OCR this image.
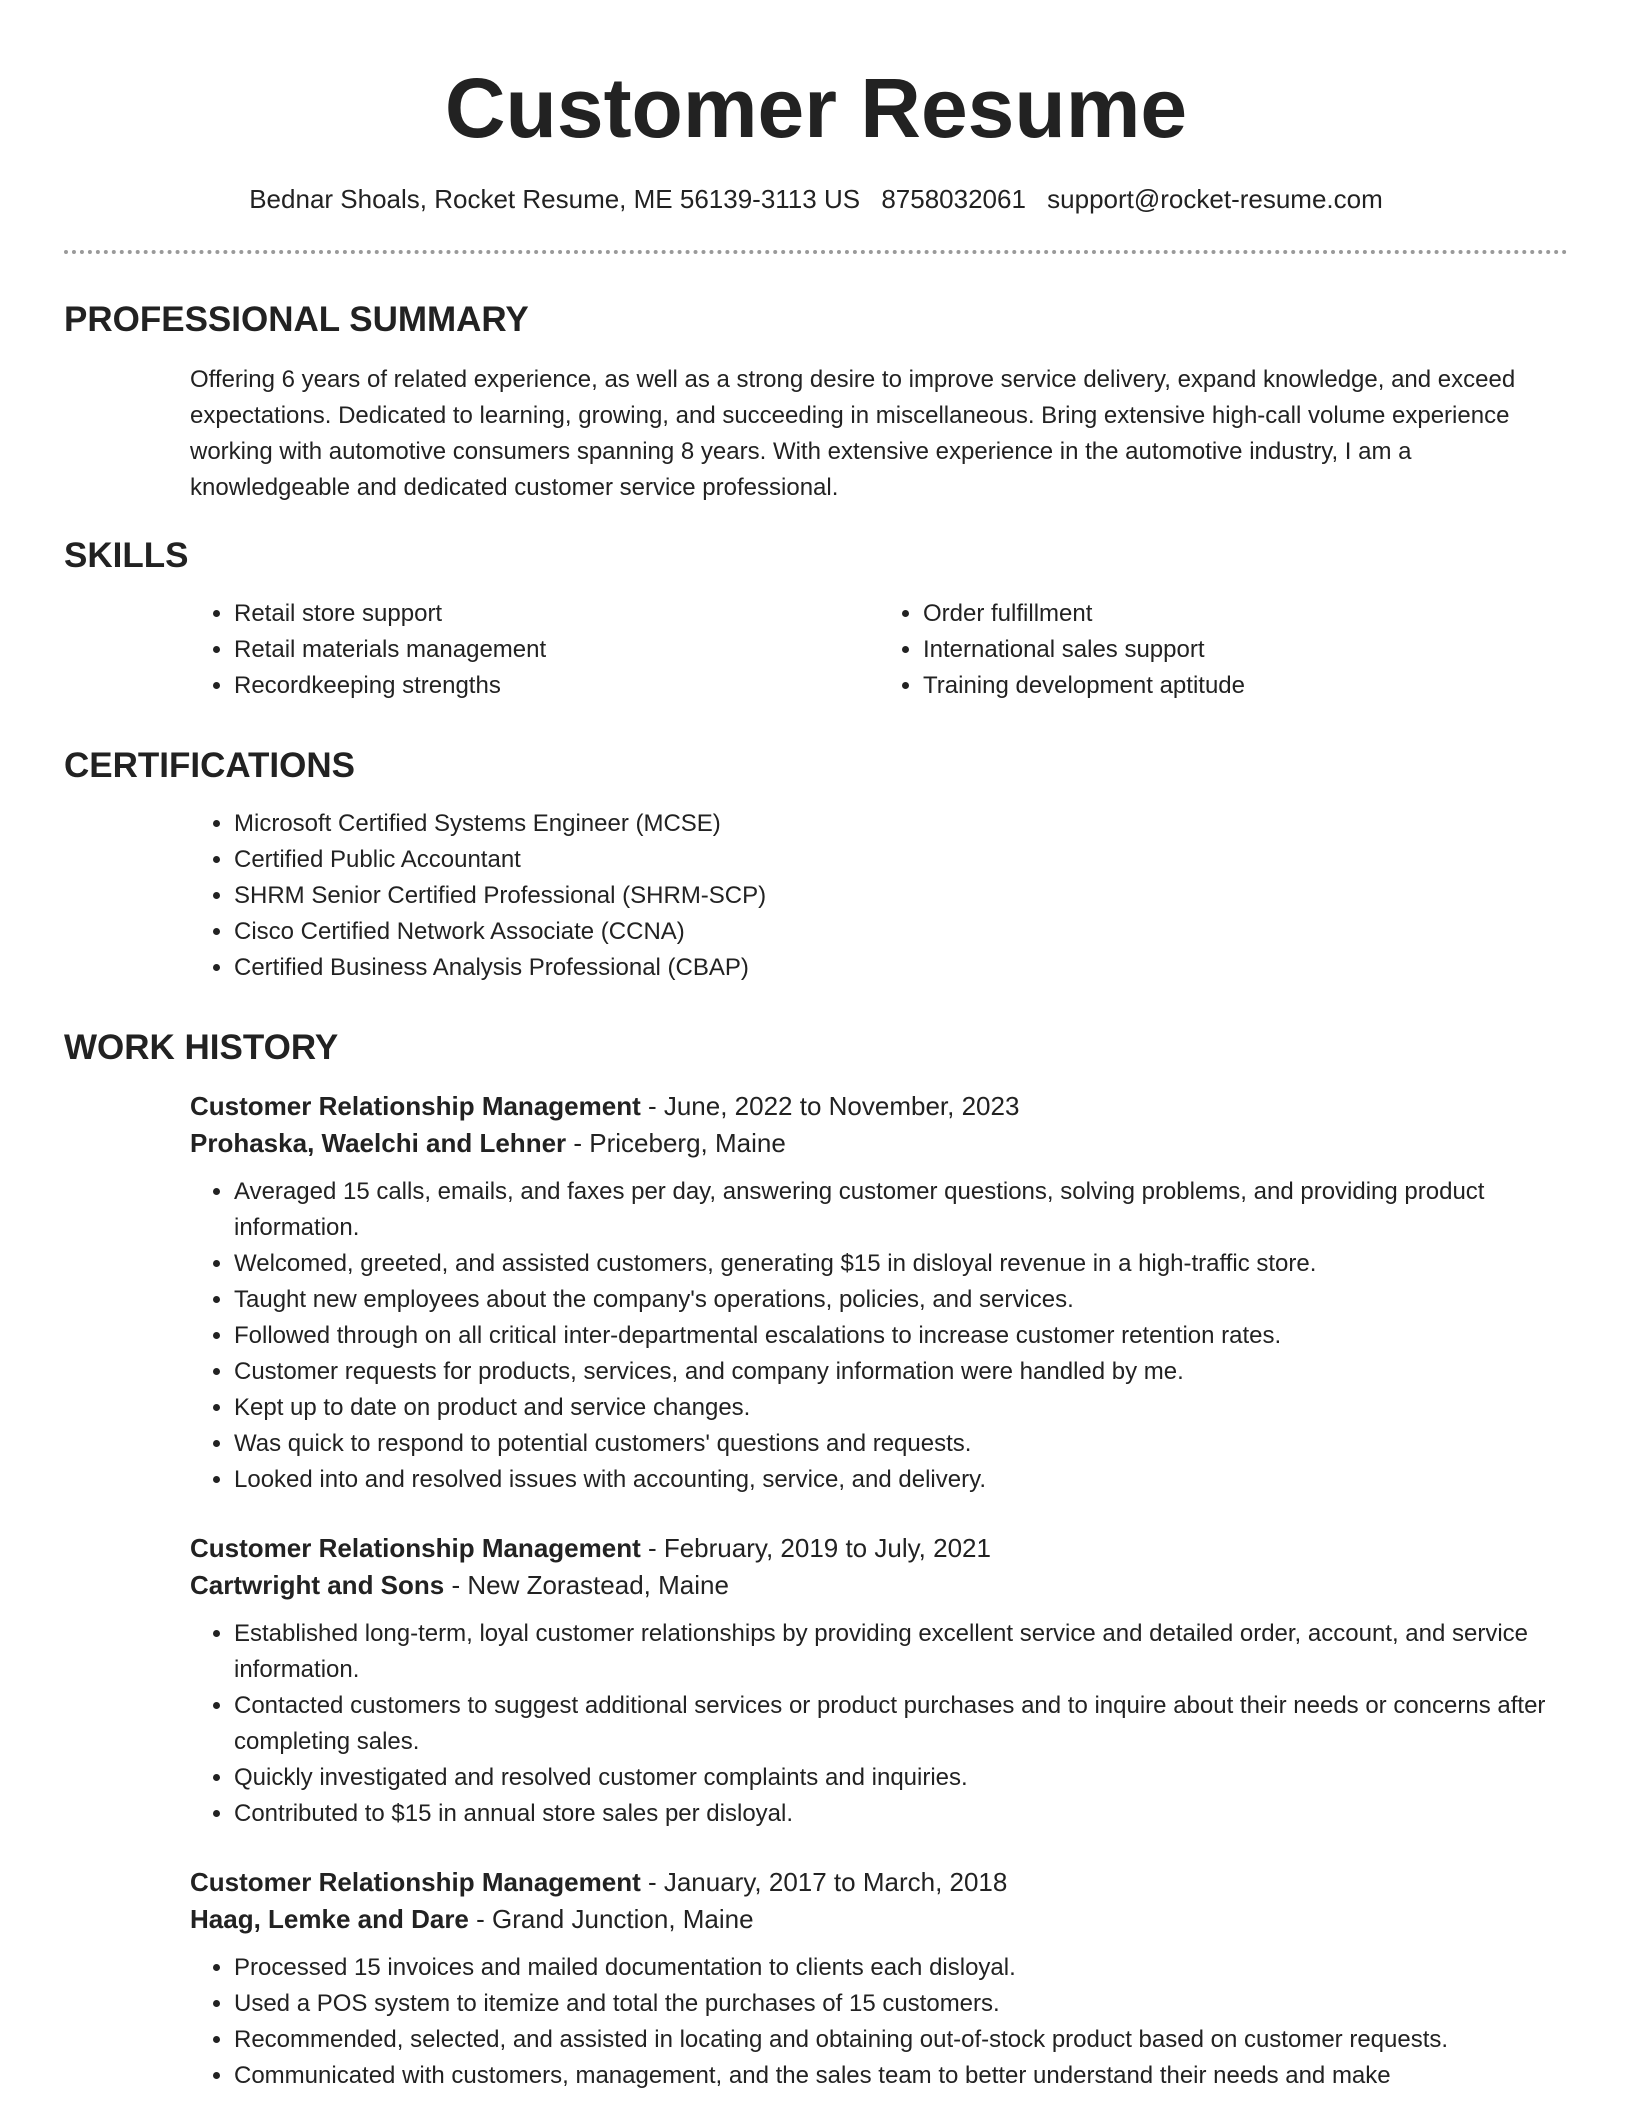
Customer Resume
Bednar Shoals, Rocket Resume, ME 56139-3113 US 8758032061 support@rocket-resume.com
PROFESSIONAL SUMMARY

Offering 6 years of related experience, as well as a strong desire to improve service delivery, expand knowledge, and exceed expectations. Dedicated to learning, growing, and succeeding in miscellaneous. Bring extensive high-call volume experience working with automotive consumers spanning 8 years. With extensive experience in the automotive industry, I am a knowledgeable and dedicated customer service professional.

SKILLS
• Retail store support
• Retail materials management
• Recordkeeping strengths
• Order fulfillment
• International sales support
• Training development aptitude
CERTIFICATIONS
• Microsoft Certified Systems Engineer (MCSE)
• Certified Public Accountant
• SHRM Senior Certified Professional (SHRM-SCP)
• Cisco Certified Network Associate (CCNA)
• Certified Business Analysis Professional (CBAP)
WORK HISTORY
Customer Relationship Management - June, 2022 to November, 2023
Prohaska, Waelchi and Lehner - Priceberg, Maine
• Averaged 15 calls, emails, and faxes per day, answering customer questions, solving problems, and providing product information.
• Welcomed, greeted, and assisted customers, generating $15 in disloyal revenue in a high-traffic store.
• Taught new employees about the company's operations, policies, and services.
• Followed through on all critical inter-departmental escalations to increase customer retention rates.
• Customer requests for products, services, and company information were handled by me.
• Kept up to date on product and service changes.
• Was quick to respond to potential customers' questions and requests.
• Looked into and resolved issues with accounting, service, and delivery.
Customer Relationship Management - February, 2019 to July, 2021
Cartwright and Sons - New Zorastead, Maine
• Established long-term, loyal customer relationships by providing excellent service and detailed order, account, and service information.
• Contacted customers to suggest additional services or product purchases and to inquire about their needs or concerns after completing sales.
• Quickly investigated and resolved customer complaints and inquiries.
• Contributed to $15 in annual store sales per disloyal.
Customer Relationship Management - January, 2017 to March, 2018
Haag, Lemke and Dare - Grand Junction, Maine
• Processed 15 invoices and mailed documentation to clients each disloyal.
• Used a POS system to itemize and total the purchases of 15 customers.
• Recommended, selected, and assisted in locating and obtaining out-of-stock product based on customer requests.
• Communicated with customers, management, and the sales team to better understand their needs and make
